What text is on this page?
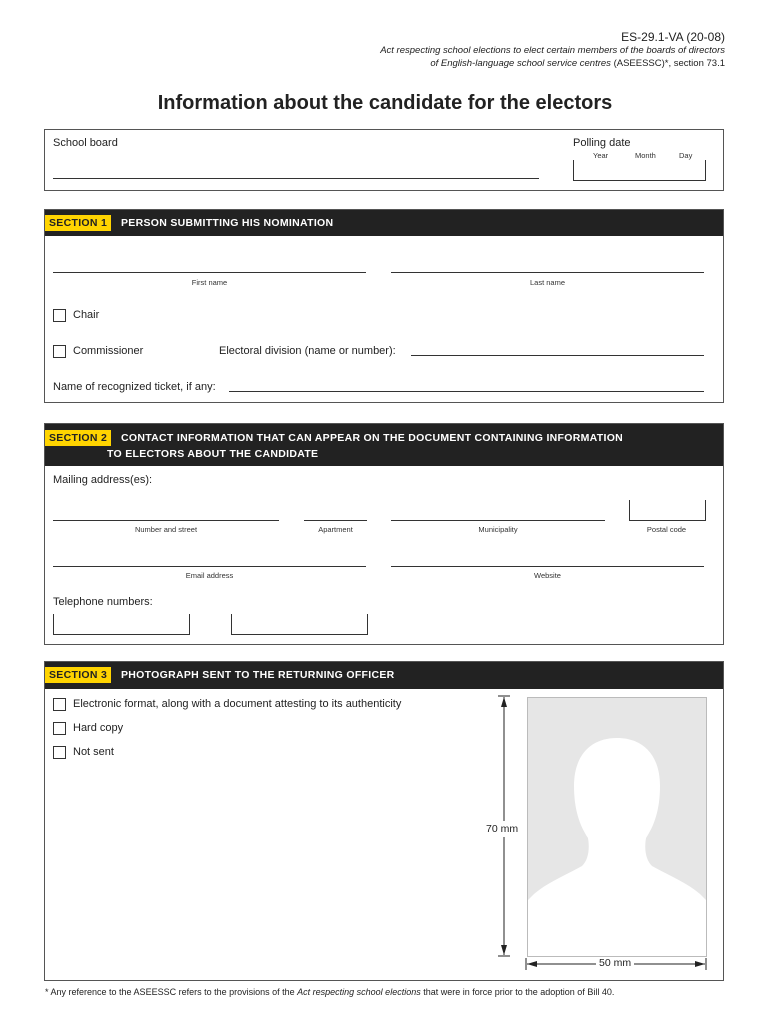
ES-29.1-VA (20-08)
Act respecting school elections to elect certain members of the boards of directors
of English-language school service centres (ASEESSC)*, section 73.1
Information about the candidate for the electors
School board	Polling date
Year	Month	Day
SECTION 1	PERSON SUBMITTING HIS NOMINATION
First name	Last name
Chair
Commissioner	Electoral division (name or number):
Name of recognized ticket, if any:
SECTION 2	CONTACT INFORMATION THAT CAN APPEAR ON THE DOCUMENT CONTAINING INFORMATION
TO ELECTORS ABOUT THE CANDIDATE
Mailing address(es):
Number and street	Apartment	Municipality	Postal code
Email address	Website
Telephone numbers:
SECTION 3	PHOTOGRAPH SENT TO THE RETURNING OFFICER
Electronic format, along with a document attesting to its authenticity
Hard copy
Not sent
70 mm
50 mm
* Any reference to the ASEESSC refers to the provisions of the Act respecting school elections that were in force prior to the adoption of Bill 40.
